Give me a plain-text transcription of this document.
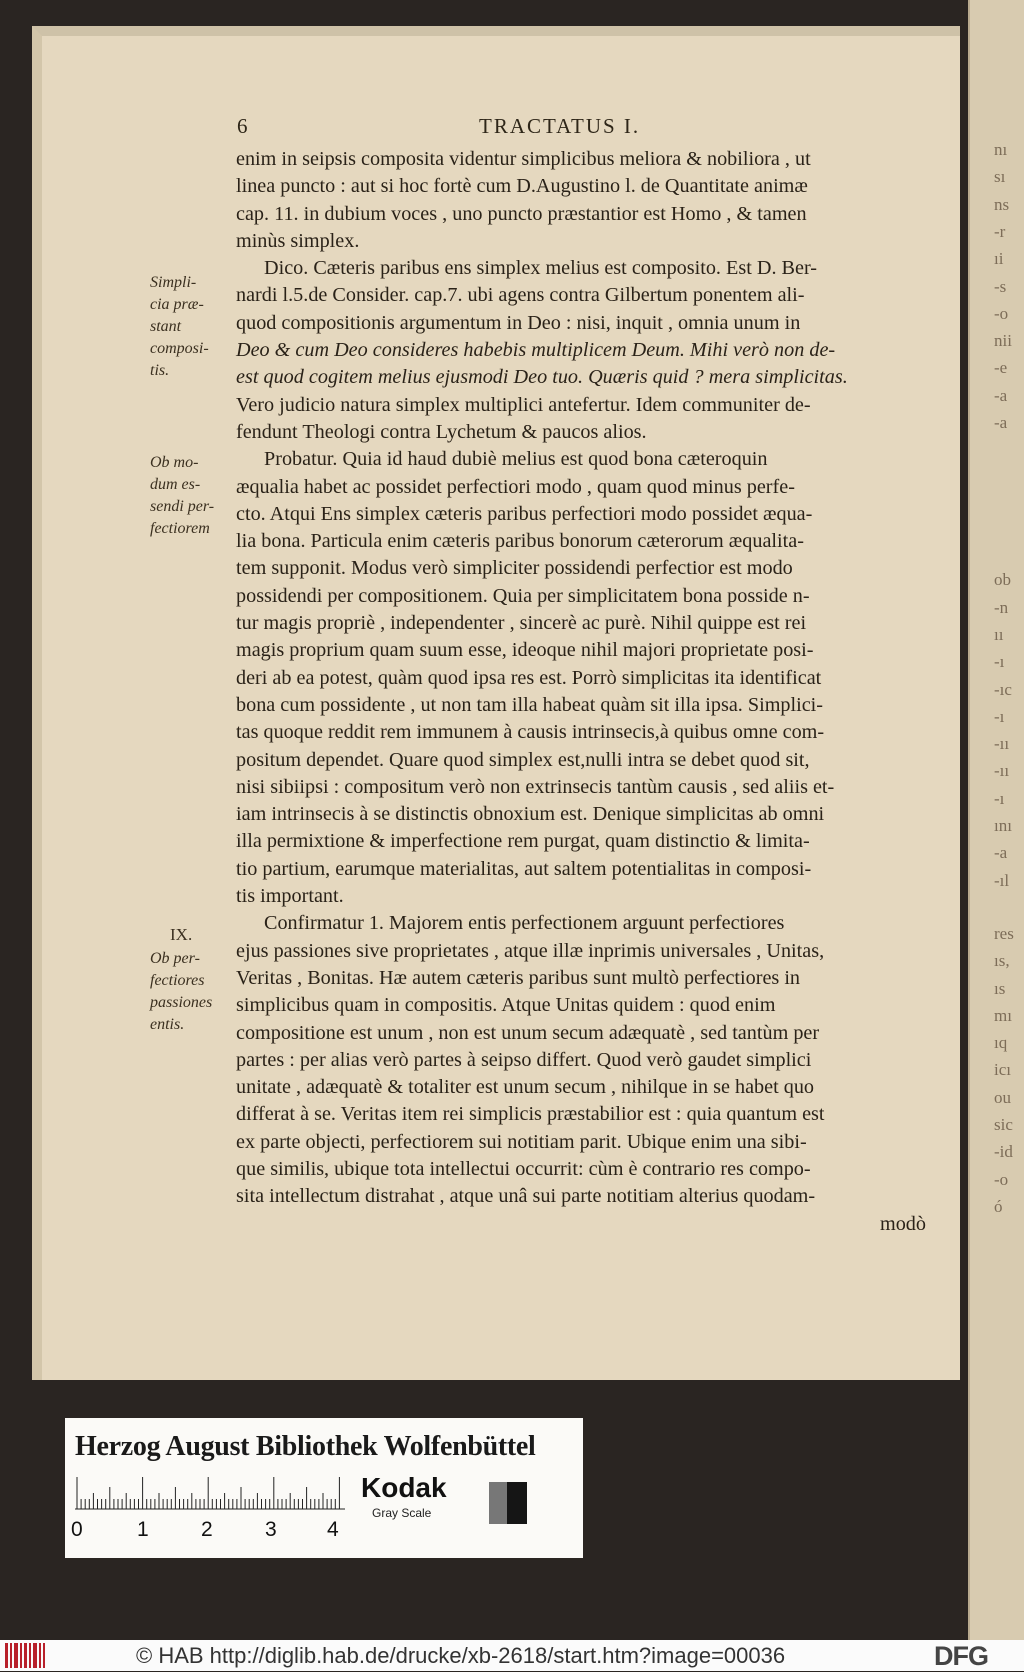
nı
sı
ns
-r
ıi
-s
-o
nii
-e
-a
-a
ob
-n
ıı
-ı
-ıc
-ı
-ıı
-ıı
-ı
ını
-a
-ıl
res
ıs,
ıs
mı
ıq
icı
ou
sic
-id
-o
ó
6	TRACTATUS I.

enim in seipsis composita videntur simplicibus meliora & nobiliora , ut

linea puncto : aut si hoc fortè cum D.Augustino l. de Quantitate animæ

cap. 11. in dubium voces , uno puncto præstantior est Homo , & tamen

minùs simplex.

Dico. Cæteris paribus ens simplex melius est composito. Est D. Ber-

nardi l.5.de Consider. cap.7. ubi agens contra Gilbertum ponentem ali-

quod compositionis argumentum in Deo : nisi, inquit , omnia unum in

Deo & cum Deo consideres habebis multiplicem Deum. Mihi verò non de-

est quod cogitem melius ejusmodi Deo tuo. Quæris quid ? mera simplicitas.

Vero judicio natura simplex multiplici antefertur. Idem communiter de-

fendunt Theologi contra Lychetum & paucos alios.

Probatur. Quia id haud dubiè melius est quod bona cæteroquin

æqualia habet ac possidet perfectiori modo , quam quod minus perfe-

cto. Atqui Ens simplex cæteris paribus perfectiori modo possidet æqua-

lia bona. Particula enim cæteris paribus bonorum cæterorum æqualita-

tem supponit. Modus verò simpliciter possidendi perfectior est modo

possidendi per compositionem. Quia per simplicitatem bona posside n-

tur magis propriè , independenter , sincerè ac purè. Nihil quippe est rei

magis proprium quam suum esse, ideoque nihil majori proprietate posi-

deri ab ea potest, quàm quod ipsa res est. Porrò simplicitas ita identificat

bona cum possidente , ut non tam illa habeat quàm sit illa ipsa. Simplici-

tas quoque reddit rem immunem à causis intrinsecis,à quibus omne com-

positum dependet. Quare quod simplex est,nulli intra se debet quod sit,

nisi sibiipsi : compositum verò non extrinsecis tantùm causis , sed aliis et-

iam intrinsecis à se distinctis obnoxium est. Denique simplicitas ab omni

illa permixtione & imperfectione rem purgat, quam distinctio & limita-

tio partium, earumque materialitas, aut saltem potentialitas in composi-

tis important.

Confirmatur 1. Majorem entis perfectionem arguunt perfectiores

ejus passiones sive proprietates , atque illæ inprimis universales , Unitas,

Veritas , Bonitas. Hæ autem cæteris paribus sunt multò perfectiores in

simplicibus quam in compositis. Atque Unitas quidem : quod enim

compositione est unum , non est unum secum adæquatè , sed tantùm per

partes : per alias verò partes à seipso differt. Quod verò gaudet simplici

unitate , adæquatè & totaliter est unum secum , nihilque in se habet quo

differat à se. Veritas item rei simplicis præstabilior est : quia quantum est

ex parte objecti, perfectiorem sui notitiam parit. Ubique enim una sibi-

que similis, ubique tota intellectui occurrit: cùm è contrario res compo-

sita intellectum distrahat , atque unâ sui parte notitiam alterius quodam-

modò

Simpli-
cia præ-
stant
composi-
tis.
Ob mo-
dum es-
sendi per-
fectiorem
IX.
Ob per-
fectiores
passiones
entis.
Herzog August Bibliothek Wolfenbüttel
0	1 2 3 4
Kodak
Gray Scale
© HAB http://diglib.hab.de/drucke/xb-2618/start.htm?image=00036	DFG
